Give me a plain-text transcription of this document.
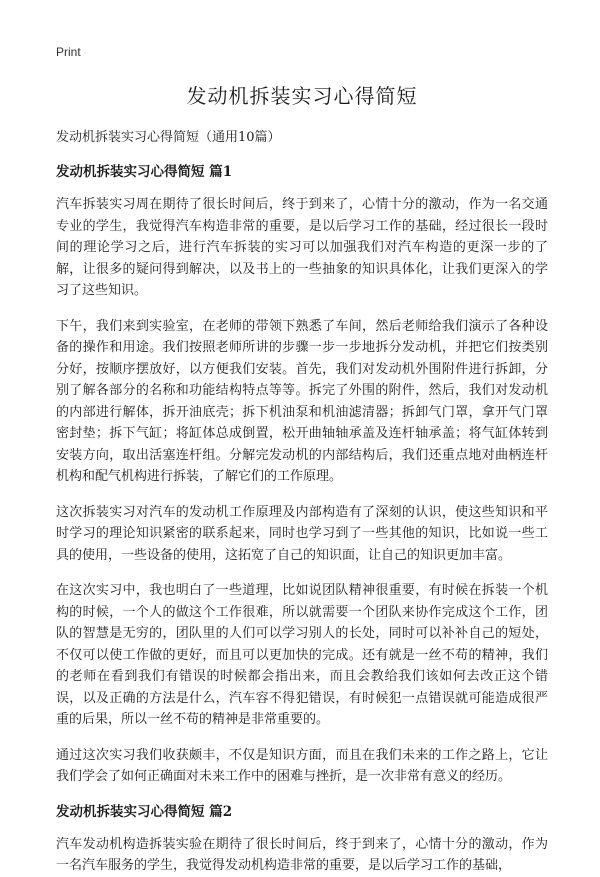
Print
发动机拆装实习心得简短
发动机拆装实习心得简短（通用10篇）
发动机拆装实习心得简短 篇1

汽车拆装实习周在期待了很长时间后，终于到来了，心情十分的激动，作为一名交通专业的学生，我觉得汽车构造非常的重要，是以后学习工作的基础，经过很长一段时间的理论学习之后，进行汽车拆装的实习可以加强我们对汽车构造的更深一步的了解，让很多的疑问得到解决，以及书上的一些抽象的知识具体化，让我们更深入的学习了这些知识。

下午，我们来到实验室，在老师的带领下熟悉了车间，然后老师给我们演示了各种设备的操作和用途。我们按照老师所讲的步骤一步一步地拆分发动机，并把它们按类别分好，按顺序摆放好，以方便我们安装。首先，我们对发动机外围附件进行拆卸，分别了解各部分的名称和功能结构特点等等。拆完了外围的附件，然后，我们对发动机的内部进行解体，拆开油底壳；拆下机油泵和机油滤清器；拆卸气门罩，拿开气门罩密封垫；拆下气缸；将缸体总成倒置，松开曲轴轴承盖及连杆轴承盖；将气缸体转到安装方向，取出活塞连杆组。分解完发动机的内部结构后，我们还重点地对曲柄连杆机构和配气机构进行拆装，了解它们的工作原理。

这次拆装实习对汽车的发动机工作原理及内部构造有了深刻的认识，使这些知识和平时学习的理论知识紧密的联系起来，同时也学习到了一些其他的知识，比如说一些工具的使用，一些设备的使用，这拓宽了自己的知识面，让自己的知识更加丰富。

在这次实习中，我也明白了一些道理，比如说团队精神很重要，有时候在拆装一个机构的时候，一个人的做这个工作很难，所以就需要一个团队来协作完成这个工作，团队的智慧是无穷的，团队里的人们可以学习别人的长处，同时可以补补自己的短处，不仅可以使工作做的更好，而且可以更加快的完成。还有就是一丝不苟的精神，我们的老师在看到我们有错误的时候都会指出来，而且会教给我们该如何去改正这个错误，以及正确的方法是什么，汽车容不得犯错误，有时候犯一点错误就可能造成很严重的后果，所以一丝不苟的精神是非常重要的。

通过这次实习我们收获颇丰，不仅是知识方面，而且在我们未来的工作之路上，它让我们学会了如何正确面对未来工作中的困难与挫折，是一次非常有意义的经历。

发动机拆装实习心得简短 篇2

汽车发动机构造拆装实验在期待了很长时间后，终于到来了，心情十分的激动，作为一名汽车服务的学生，我觉得发动机构造非常的重要，是以后学习工作的基础，
